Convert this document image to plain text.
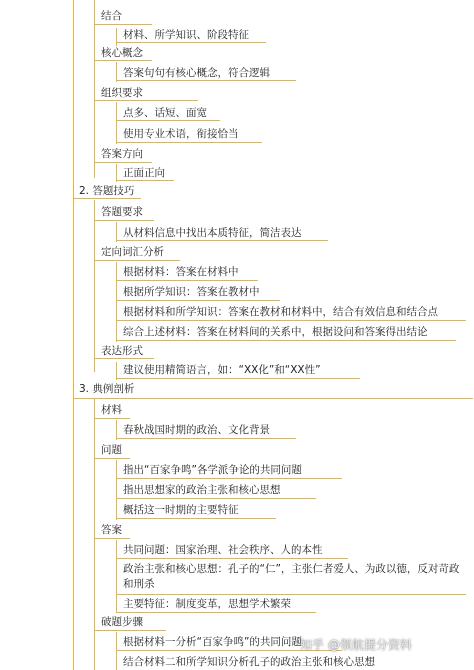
结合
材料、所学知识、阶段特征
核心概念
答案句句有核心概念，符合逻辑
组织要求
点多、话短、面宽
使用专业术语，衔接恰当
答案方向
正面正向
2. 答题技巧
答题要求
从材料信息中找出本质特征，简洁表达
定向词汇分析
根据材料：答案在材料中
根据所学知识：答案在教材中
根据材料和所学知识：答案在教材和材料中，结合有效信息和结合点
综合上述材料：答案在材料间的关系中，根据设问和答案得出结论
表达形式
建议使用精简语言，如：“XX化”和“XX性”
3. 典例剖析
材料
春秋战国时期的政治、文化背景
问题
指出“百家争鸣”各学派争论的共同问题
指出思想家的政治主张和核心思想
概括这一时期的主要特征
答案
共同问题：国家治理、社会秩序、人的本性
政治主张和核心思想：孔子的“仁”，主张仁者爱人、为政以德，反对苛政和刑杀
主要特征：制度变革，思想学术繁荣
破题步骤
根据材料一分析“百家争鸣”的共同问题
结合材料二和所学知识分析孔子的政治主张和核心思想
知乎 @领航提分资料
